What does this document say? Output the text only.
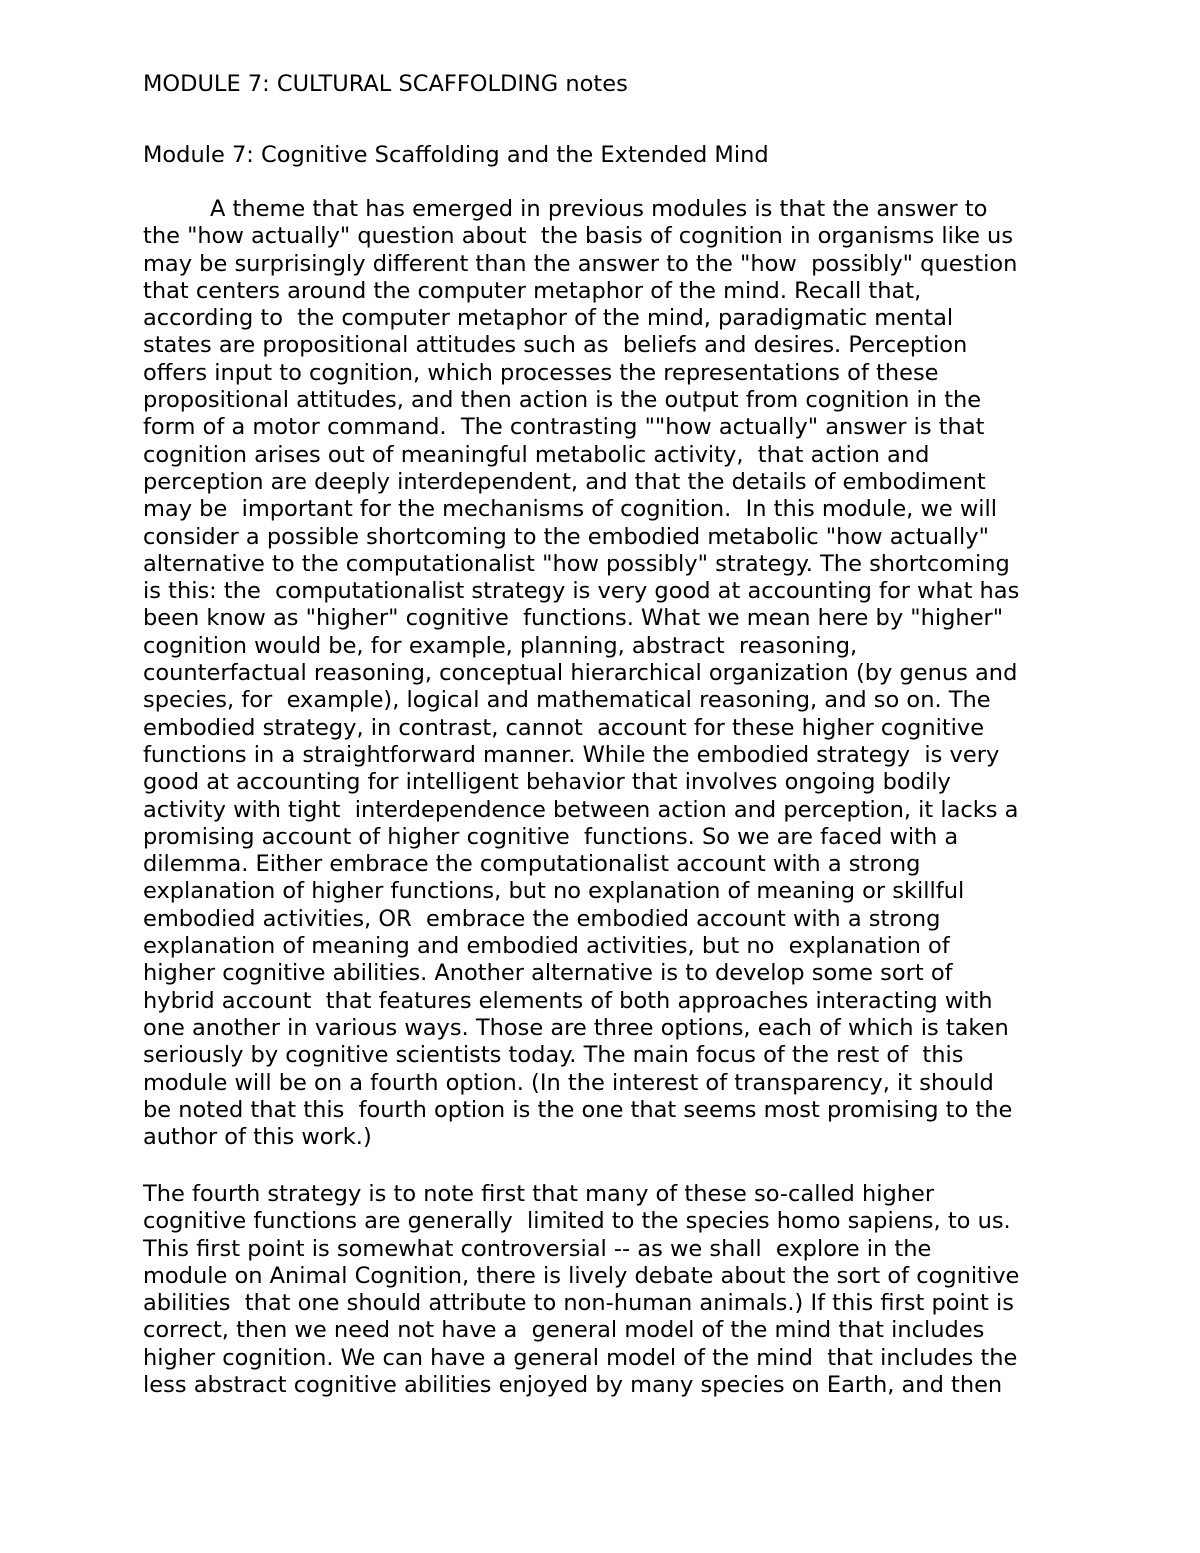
MODULE 7: CULTURAL SCAFFOLDING notes
Module 7: Cognitive Scaffolding and the Extended Mind
A theme that has emerged in previous modules is that the answer to
the "how actually" question about  the basis of cognition in organisms like us
may be surprisingly different than the answer to the "how  possibly" question
that centers around the computer metaphor of the mind. Recall that,
according to  the computer metaphor of the mind, paradigmatic mental
states are propositional attitudes such as  beliefs and desires. Perception
offers input to cognition, which processes the representations of these
propositional attitudes, and then action is the output from cognition in the
form of a motor command.  The contrasting ""how actually" answer is that
cognition arises out of meaningful metabolic activity,  that action and
perception are deeply interdependent, and that the details of embodiment
may be  important for the mechanisms of cognition.  In this module, we will
consider a possible shortcoming to the embodied metabolic "how actually"
alternative to the computationalist "how possibly" strategy. The shortcoming
is this: the  computationalist strategy is very good at accounting for what has
been know as "higher" cognitive  functions. What we mean here by "higher"
cognition would be, for example, planning, abstract  reasoning,
counterfactual reasoning, conceptual hierarchical organization (by genus and
species, for  example), logical and mathematical reasoning, and so on. The
embodied strategy, in contrast, cannot  account for these higher cognitive
functions in a straightforward manner. While the embodied strategy  is very
good at accounting for intelligent behavior that involves ongoing bodily
activity with tight  interdependence between action and perception, it lacks a
promising account of higher cognitive  functions. So we are faced with a
dilemma. Either embrace the computationalist account with a strong
explanation of higher functions, but no explanation of meaning or skillful
embodied activities, OR  embrace the embodied account with a strong
explanation of meaning and embodied activities, but no  explanation of
higher cognitive abilities. Another alternative is to develop some sort of
hybrid account  that features elements of both approaches interacting with
one another in various ways. Those are three options, each of which is taken
seriously by cognitive scientists today. The main focus of the rest of  this
module will be on a fourth option. (In the interest of transparency, it should
be noted that this  fourth option is the one that seems most promising to the
author of this work.)
The fourth strategy is to note first that many of these so-called higher
cognitive functions are generally  limited to the species homo sapiens, to us.
This first point is somewhat controversial -- as we shall  explore in the
module on Animal Cognition, there is lively debate about the sort of cognitive
abilities  that one should attribute to non-human animals.) If this first point is
correct, then we need not have a  general model of the mind that includes
higher cognition. We can have a general model of the mind  that includes the
less abstract cognitive abilities enjoyed by many species on Earth, and then
